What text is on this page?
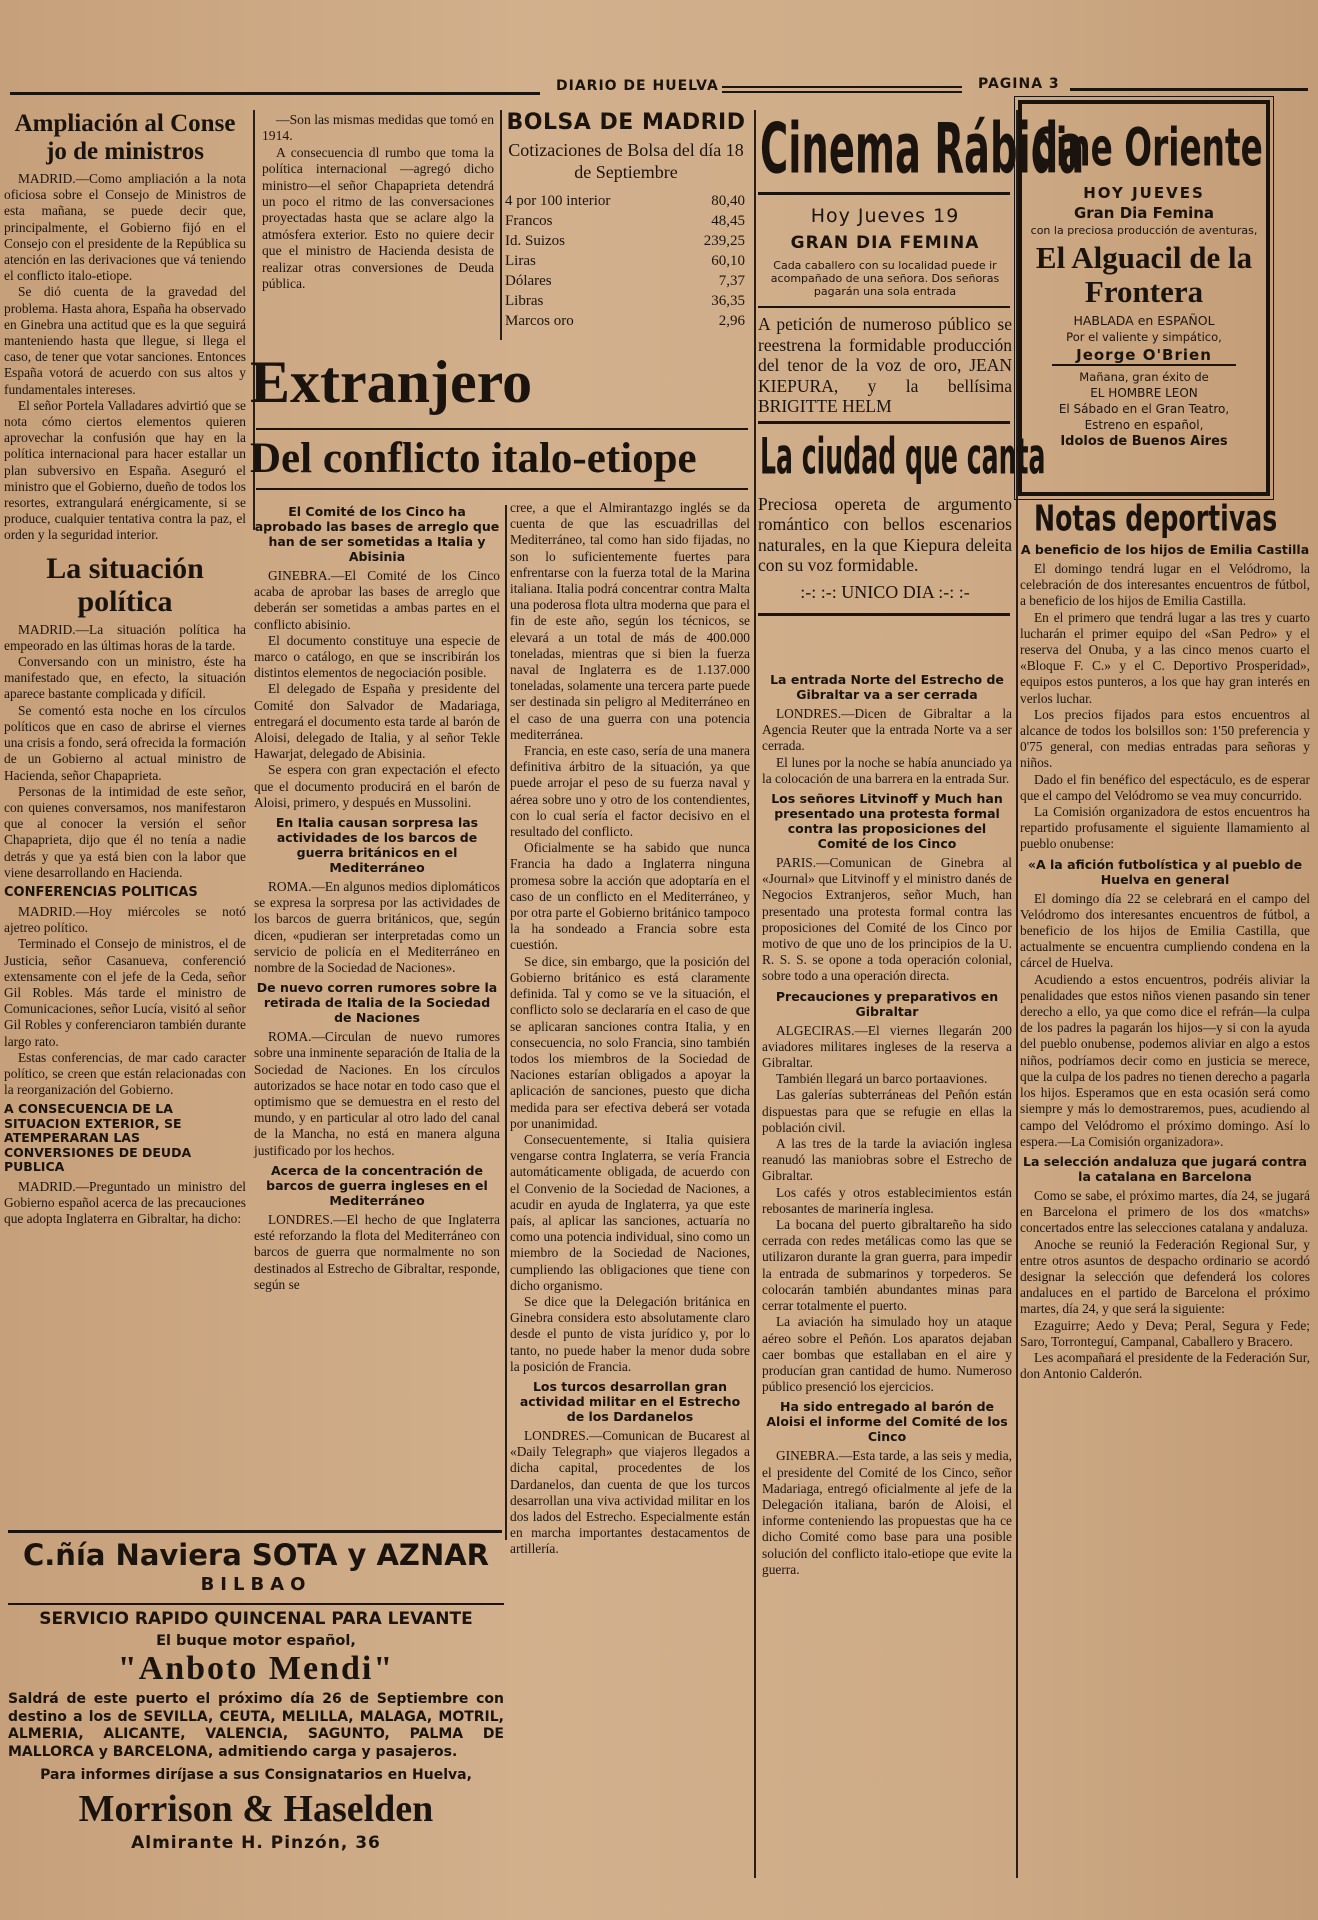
DIARIO DE HUELVA	PAGINA 3
Ampliación al Conse jo de ministros

MADRID.—Como ampliación a la nota oficiosa sobre el Consejo de Ministros de esta mañana, se puede decir que, principalmente, el Gobierno fijó en el Consejo con el presidente de la República su atención en las derivaciones que vá teniendo el conflicto italo-etiope.

Se dió cuenta de la gravedad del problema. Hasta ahora, España ha observado en Ginebra una actitud que es la que seguirá manteniendo hasta que llegue, si llega el caso, de tener que votar sanciones. Entonces España votorá de acuerdo con sus altos y fundamentales intereses.

El señor Portela Valladares advirtió que se nota cómo ciertos elementos quieren aprovechar la confusión que hay en la política internacional para hacer estallar un plan subversivo en España. Aseguró el ministro que el Gobierno, dueño de todos los resortes, extrangulará enérgicamente, si se produce, cualquier tentativa contra la paz, el orden y la seguridad interior.

La situación política

MADRID.—La situación política ha empeorado en las últimas horas de la tarde.

Conversando con un ministro, éste ha manifestado que, en efecto, la situación aparece bastante complicada y difícil.

Se comentó esta noche en los círculos políticos que en caso de abrirse el viernes una crisis a fondo, será ofrecida la formación de un Gobierno al actual ministro de Hacienda, señor Chapaprieta.

Personas de la intimidad de este señor, con quienes conversamos, nos manifestaron que al conocer la versión el señor Chapaprieta, dijo que él no tenía a nadie detrás y que ya está bien con la labor que viene desarrollando en Hacienda.

CONFERENCIAS POLITICAS

MADRID.—Hoy miércoles se notó ajetreo político.

Terminado el Consejo de ministros, el de Justicia, señor Casanueva, conferenció extensamente con el jefe de la Ceda, señor Gil Robles. Más tarde el ministro de Comunicaciones, señor Lucía, visitó al señor Gil Robles y conferenciaron también durante largo rato.

Estas conferencias, de mar cado caracter político, se creen que están relacionadas con la reorganización del Gobierno.

A CONSECUENCIA DE LA SITUACION EXTERIOR, SE ATEMPERARAN LAS CONVERSIONES DE DEUDA PUBLICA

MADRID.—Preguntado un ministro del Gobierno español acerca de las precauciones que adopta Inglaterra en Gibraltar, ha dicho:

—Son las mismas medidas que tomó en 1914.

A consecuencia dl rumbo que toma la política internacional —agregó dicho ministro—el señor Chapaprieta detendrá un poco el ritmo de las conversaciones proyectadas hasta que se aclare algo la atmósfera exterior. Esto no quiere decir que el ministro de Hacienda desista de realizar otras conversiones de Deuda pública.

BOLSA DE MADRID
Cotizaciones de Bolsa del día 18 de Septiembre
4 por 100 interior	80,40
Francos	48,45
Id. Suizos	239,25
Liras	60,10
Dólares	7,37
Libras	36,35
Marcos oro	2,96
Extranjero
Del conflicto italo-etiope
El Comité de los Cinco ha aprobado las bases de arreglo que han de ser sometidas a Italia y Abisinia

GINEBRA.—El Comité de los Cinco acaba de aprobar las bases de arreglo que deberán ser sometidas a ambas partes en el conflicto abisinio.

El documento constituye una especie de marco o catálogo, en que se inscribirán los distintos elementos de negociación posible.

El delegado de España y presidente del Comité don Salvador de Madariaga, entregará el documento esta tarde al barón de Aloisi, delegado de Italia, y al señor Tekle Hawarjat, delegado de Abisinia.

Se espera con gran expectación el efecto que el documento producirá en el barón de Aloisi, primero, y después en Mussolini.

En Italia causan sorpresa las actividades de los barcos de guerra británicos en el Mediterráneo

ROMA.—En algunos medios diplomáticos se expresa la sorpresa por las actividades de los barcos de guerra británicos, que, según dicen, «pudieran ser interpretadas como un servicio de policía en el Mediterráneo en nombre de la Sociedad de Naciones».

De nuevo corren rumores sobre la retirada de Italia de la Sociedad de Naciones

ROMA.—Circulan de nuevo rumores sobre una inminente separación de Italia de la Sociedad de Naciones. En los círculos autorizados se hace notar en todo caso que el optimismo que se demuestra en el resto del mundo, y en particular al otro lado del canal de la Mancha, no está en manera alguna justificado por los hechos.

Acerca de la concentración de barcos de guerra ingleses en el Mediterráneo

LONDRES.—El hecho de que Inglaterra esté reforzando la flota del Mediterráneo con barcos de guerra que normalmente no son destinados al Estrecho de Gibraltar, responde, según se

cree, a que el Almirantazgo inglés se da cuenta de que las escuadrillas del Mediterráneo, tal como han sido fijadas, no son lo suficientemente fuertes para enfrentarse con la fuerza total de la Marina italiana. Italia podrá concentrar contra Malta una poderosa flota ultra moderna que para el fin de este año, según los técnicos, se elevará a un total de más de 400.000 toneladas, mientras que si bien la fuerza naval de Inglaterra es de 1.137.000 toneladas, solamente una tercera parte puede ser destinada sin peligro al Mediterráneo en el caso de una guerra con una potencia mediterránea.

Francia, en este caso, sería de una manera definitiva árbitro de la situación, ya que puede arrojar el peso de su fuerza naval y aérea sobre uno y otro de los contendientes, con lo cual sería el factor decisivo en el resultado del conflicto.

Oficialmente se ha sabido que nunca Francia ha dado a Inglaterra ninguna promesa sobre la acción que adoptaría en el caso de un conflicto en el Mediterráneo, y por otra parte el Gobierno británico tampoco la ha sondeado a Francia sobre esta cuestión.

Se dice, sin embargo, que la posición del Gobierno británico es está claramente definida. Tal y como se ve la situación, el conflicto solo se declararía en el caso de que se aplicaran sanciones contra Italia, y en consecuencia, no solo Francia, sino también todos los miembros de la Sociedad de Naciones estarían obligados a apoyar la aplicación de sanciones, puesto que dicha medida para ser efectiva deberá ser votada por unanimidad.

Consecuentemente, si Italia quisiera vengarse contra Inglaterra, se vería Francia automáticamente obligada, de acuerdo con el Convenio de la Sociedad de Naciones, a acudir en ayuda de Inglaterra, ya que este país, al aplicar las sanciones, actuaría no como una potencia individual, sino como un miembro de la Sociedad de Naciones, cumpliendo las obligaciones que tiene con dicho organismo.

Se dice que la Delegación británica en Ginebra considera esto absolutamente claro desde el punto de vista jurídico y, por lo tanto, no puede haber la menor duda sobre la posición de Francia.

Los turcos desarrollan gran actividad militar en el Estrecho de los Dardanelos

LONDRES.—Comunican de Bucarest al «Daily Telegraph» que viajeros llegados a dicha capital, procedentes de los Dardanelos, dan cuenta de que los turcos desarrollan una viva actividad militar en los dos lados del Estrecho. Especialmente están en marcha importantes destacamentos de artillería.

Cinema Rábida
Hoy Jueves 19
GRAN DIA FEMINA
Cada caballero con su localidad puede ir acompañado de una señora. Dos señoras pagarán una sola entrada
A petición de numeroso público se reestrena la formidable producción del tenor de la voz de oro, JEAN KIEPURA, y la bellísima BRIGITTE HELM
La ciudad que canta
Preciosa opereta de argumento romántico con bellos escenarios naturales, en la que Kiepura deleita con su voz formidable.
:-: :-: UNICO DIA :-: :-
La entrada Norte del Estrecho de Gibraltar va a ser cerrada

LONDRES.—Dicen de Gibraltar a la Agencia Reuter que la entrada Norte va a ser cerrada.

El lunes por la noche se había anunciado ya la colocación de una barrera en la entrada Sur.

Los señores Litvinoff y Much han presentado una protesta formal contra las proposiciones del Comité de los Cinco

PARIS.—Comunican de Ginebra al «Journal» que Litvinoff y el ministro danés de Negocios Extranjeros, señor Much, han presentado una protesta formal contra las proposiciones del Comité de los Cinco por motivo de que uno de los principios de la U. R. S. S. se opone a toda operación colonial, sobre todo a una operación directa.

Precauciones y preparativos en Gibraltar

ALGECIRAS.—El viernes llegarán 200 aviadores militares ingleses de la reserva a Gibraltar.

También llegará un barco portaaviones.

Las galerías subterráneas del Peñón están dispuestas para que se refugie en ellas la población civil.

A las tres de la tarde la aviación inglesa reanudó las maniobras sobre el Estrecho de Gibraltar.

Los cafés y otros establecimientos están rebosantes de marinería inglesa.

La bocana del puerto gibraltareño ha sido cerrada con redes metálicas como las que se utilizaron durante la gran guerra, para impedir la entrada de submarinos y torpederos. Se colocarán también abundantes minas para cerrar totalmente el puerto.

La aviación ha simulado hoy un ataque aéreo sobre el Peñón. Los aparatos dejaban caer bombas que estallaban en el aire y producían gran cantidad de humo. Numeroso público presenció los ejercicios.

Ha sido entregado al barón de Aloisi el informe del Comité de los Cinco

GINEBRA.—Esta tarde, a las seis y media, el presidente del Comité de los Cinco, señor Madariaga, entregó oficialmente al jefe de la Delegación italiana, barón de Aloisi, el informe conteniendo las propuestas que ha ce dicho Comité como base para una posible solución del conflicto italo-etiope que evite la guerra.

Cine Oriente
HOY JUEVES
Gran Dia Femina
con la preciosa producción de aventuras,
El Alguacil de la Frontera
HABLADA en ESPAÑOL
Por el valiente y simpático,
Jeorge O'Brien
Mañana, gran éxito de
EL HOMBRE LEON
El Sábado en el Gran Teatro,
Estreno en español,
Idolos de Buenos Aires
Notas deportivas
A beneficio de los hijos de Emilia Castilla

El domingo tendrá lugar en el Velódromo, la celebración de dos interesantes encuentros de fútbol, a beneficio de los hijos de Emilia Castilla.

En el primero que tendrá lugar a las tres y cuarto lucharán el primer equipo del «San Pedro» y el reserva del Onuba, y a las cinco menos cuarto el «Bloque F. C.» y el C. Deportivo Prosperidad», equipos estos punteros, a los que hay gran interés en verlos luchar.

Los precios fijados para estos encuentros al alcance de todos los bolsillos son: 1'50 preferencia y 0'75 general, con medias entradas para señoras y niños.

Dado el fin benéfico del espectáculo, es de esperar que el campo del Velódromo se vea muy concurrido.

La Comisión organizadora de estos encuentros ha repartido profusamente el siguiente llamamiento al pueblo onubense:

«A la afición futbolística y al pueblo de Huelva en general

El domingo día 22 se celebrará en el campo del Velódromo dos interesantes encuentros de fútbol, a beneficio de los hijos de Emilia Castilla, que actualmente se encuentra cumpliendo condena en la cárcel de Huelva.

Acudiendo a estos encuentros, podréis aliviar la penalidades que estos niños vienen pasando sin tener derecho a ello, ya que como dice el refrán—la culpa de los padres la pagarán los hijos—y si con la ayuda del pueblo onubense, podemos aliviar en algo a estos niños, podríamos decir como en justicia se merece, que la culpa de los padres no tienen derecho a pagarla los hijos. Esperamos que en esta ocasión será como siempre y más lo demostraremos, pues, acudiendo al campo del Velódromo el próximo domingo. Así lo espera.—La Comisión organizadora».

La selección andaluza que jugará contra la catalana en Barcelona

Como se sabe, el próximo martes, día 24, se jugará en Barcelona el primero de los dos «matchs» concertados entre las selecciones catalana y andaluza.

Anoche se reunió la Federación Regional Sur, y entre otros asuntos de despacho ordinario se acordó designar la selección que defenderá los colores andaluces en el partido de Barcelona el próximo martes, día 24, y que será la siguiente:

Ezaguirre; Aedo y Deva; Peral, Segura y Fede; Saro, Torronteguí, Campanal, Caballero y Bracero.

Les acompañará el presidente de la Federación Sur, don Antonio Calderón.

C.ñía Naviera SOTA y AZNAR
BILBAO
SERVICIO RAPIDO QUINCENAL PARA LEVANTE
El buque motor español,
"Anboto Mendi"
Saldrá de este puerto el próximo día 26 de Septiembre con destino a los de SEVILLA, CEUTA, MELILLA, MALAGA, MOTRIL, ALMERIA, ALICANTE, VALENCIA, SAGUNTO, PALMA DE MALLORCA y BARCELONA, admitiendo carga y pasajeros.
Para informes diríjase a sus Consignatarios en Huelva,
Morrison & Haselden
Almirante H. Pinzón, 36
